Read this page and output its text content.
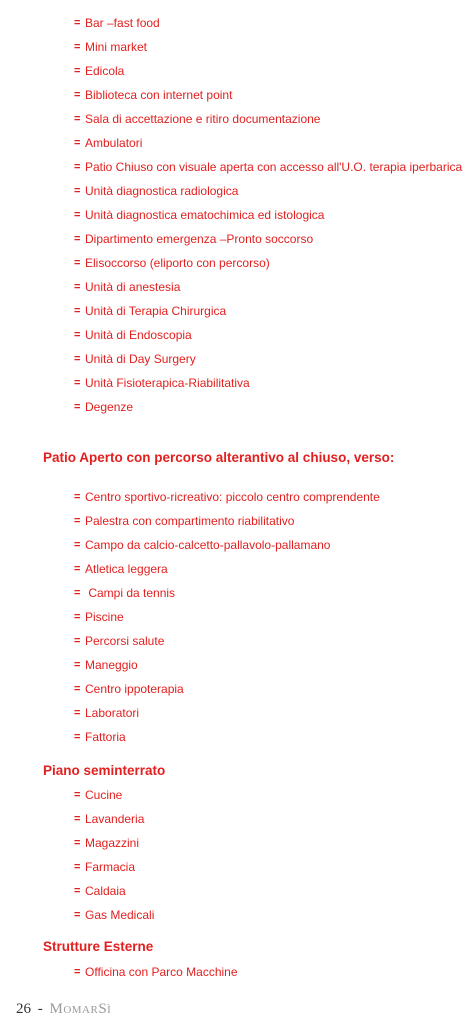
= Bar –fast food
= Mini market
= Edicola
= Biblioteca con internet point
= Sala di accettazione e ritiro documentazione
= Ambulatori
= Patio Chiuso con visuale aperta con accesso all'U.O. terapia iperbarica
= Unità diagnostica radiologica
= Unità diagnostica ematochimica ed istologica
= Dipartimento emergenza –Pronto soccorso
= Elisoccorso (eliporto con percorso)
= Unità di anestesia
= Unità di Terapia Chirurgica
= Unità di Endoscopia
= Unità di Day Surgery
= Unità Fisioterapica-Riabilitativa
= Degenze
Patio Aperto con percorso alterantivo al chiuso, verso:
= Centro sportivo-ricreativo: piccolo centro comprendente
= Palestra con compartimento riabilitativo
= Campo da calcio-calcetto-pallavolo-pallamano
= Atletica leggera
= Campi da tennis
= Piscine
= Percorsi salute
= Maneggio
= Centro ippoterapia
= Laboratori
= Fattoria
Piano seminterrato
= Cucine
= Lavanderia
= Magazzini
= Farmacia
= Caldaia
= Gas Medicali
Strutture Esterne
= Officina con Parco Macchine
26 - MomarSì
